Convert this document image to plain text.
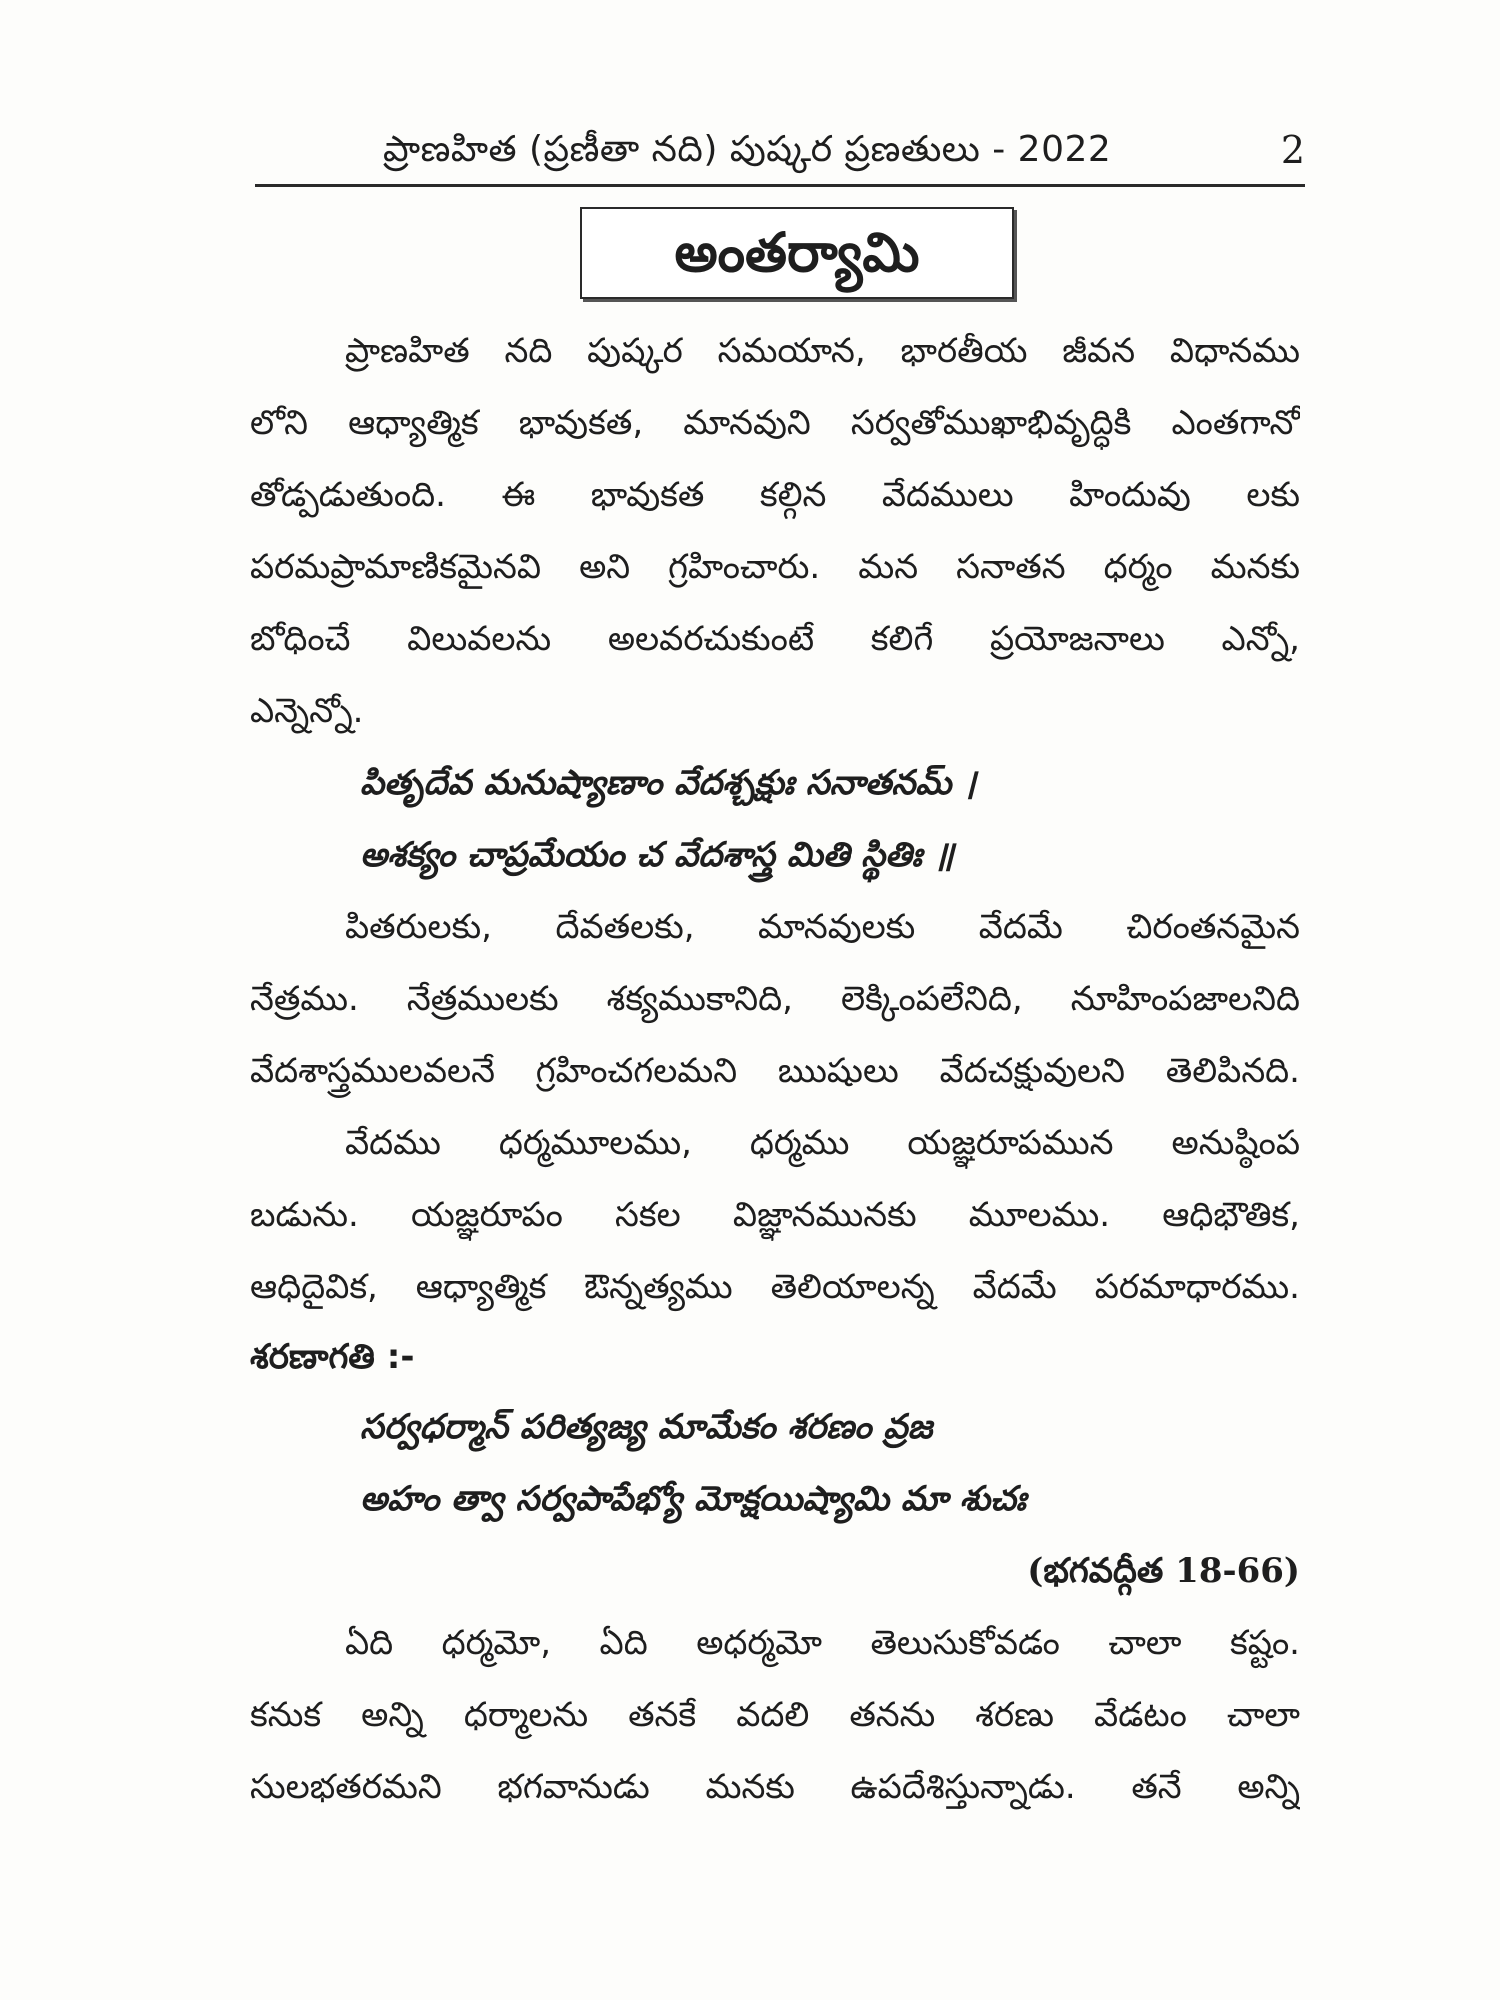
ప్రాణహిత (ప్రణీతా నది) పుష్కర ప్రణతులు - 2022	2
అంతర్యామి
ప్రాణహిత నది పుష్కర సమయాన, భారతీయ జీవన విధానము
లోని ఆధ్యాత్మిక భావుకత, మానవుని సర్వతోముఖాభివృద్ధికి ఎంతగానో
తోడ్పడుతుంది. ఈ భావుకత కల్గిన వేదములు హిందువు లకు
పరమప్రామాణికమైనవి అని గ్రహించారు. మన సనాతన ధర్మం మనకు
బోధించే విలువలను అలవరచుకుంటే కలిగే ప్రయోజనాలు ఎన్నో,
ఎన్నెన్నో.
పితృదేవ మనుష్యాణాం వేదశ్చక్షుః సనాతనమ్ ।
అశక్యం చాప్రమేయం చ వేదశాస్త్ర మితి స్థితిః ॥
పితరులకు, దేవతలకు, మానవులకు వేదమే చిరంతనమైన
నేత్రము. నేత్రములకు శక్యముకానిది, లెక్కింపలేనిది, నూహింపజాలనిది
వేదశాస్త్రములవలనే గ్రహించగలమని ఋషులు వేదచక్షువులని తెలిపినది.
వేదము ధర్మమూలము, ధర్మము యజ్ఞరూపమున అనుష్ఠింప
బడును. యజ్ఞరూపం సకల విజ్ఞానమునకు మూలము. ఆధిభౌతిక,
ఆధిదైవిక, ఆధ్యాత్మిక ఔన్నత్యము తెలియాలన్న వేదమే పరమాధారము.
శరణాగతి :-
సర్వధర్మాన్ పరిత్యజ్య మామేకం శరణం వ్రజ
అహం త్వా సర్వపాపేభ్యో మోక్షయిష్యామి మా శుచః
(భగవద్గీత 18-66)
ఏది ధర్మమో, ఏది అధర్మమో తెలుసుకోవడం చాలా కష్టం.
కనుక అన్ని ధర్మాలను తనకే వదలి తనను శరణు వేడటం చాలా
సులభతరమని భగవానుడు మనకు ఉపదేశిస్తున్నాడు. తనే అన్ని
